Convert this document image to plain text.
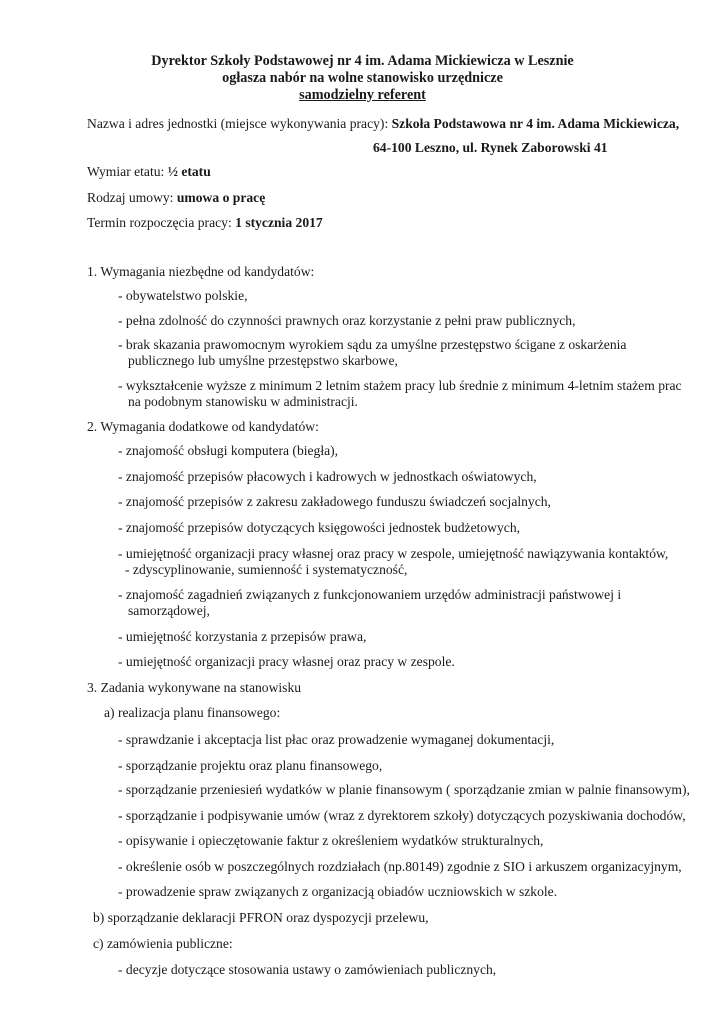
Dyrektor Szkoły Podstawowej nr 4 im. Adama Mickiewicza w Lesznie
ogłasza nabór na wolne stanowisko urzędnicze
samodzielny referent
Nazwa i adres jednostki (miejsce wykonywania pracy): Szkoła Podstawowa nr 4 im. Adama Mickiewicza,
64-100 Leszno, ul. Rynek Zaborowski 41
Wymiar etatu: ½ etatu
Rodzaj umowy: umowa o pracę
Termin rozpoczęcia pracy: 1 stycznia 2017
1. Wymagania niezbędne od kandydatów:
- obywatelstwo polskie,
- pełna zdolność do czynności prawnych oraz korzystanie z pełni praw publicznych,
- brak skazania prawomocnym wyrokiem sądu za umyślne przestępstwo ścigane z oskarżenia
publicznego lub umyślne przestępstwo skarbowe,
- wykształcenie wyższe z minimum 2 letnim stażem pracy lub średnie z minimum 4-letnim stażem prac
na podobnym stanowisku w administracji.
2. Wymagania dodatkowe od kandydatów:
- znajomość obsługi komputera (biegła),
- znajomość przepisów płacowych i kadrowych w jednostkach oświatowych,
- znajomość przepisów z zakresu zakładowego funduszu świadczeń socjalnych,
- znajomość przepisów dotyczących księgowości jednostek budżetowych,
- umiejętność organizacji pracy własnej oraz pracy w zespole, umiejętność nawiązywania kontaktów,
- zdyscyplinowanie, sumienność i systematyczność,
- znajomość zagadnień związanych z funkcjonowaniem urzędów administracji państwowej i
samorządowej,
- umiejętność korzystania z przepisów prawa,
- umiejętność organizacji pracy własnej oraz pracy w zespole.
3. Zadania wykonywane na stanowisku
a) realizacja planu finansowego:
- sprawdzanie i akceptacja list płac oraz prowadzenie wymaganej dokumentacji,
- sporządzanie projektu oraz planu finansowego,
- sporządzanie przeniesień wydatków w planie finansowym ( sporządzanie zmian w palnie finansowym),
- sporządzanie i podpisywanie umów (wraz z dyrektorem szkoły) dotyczących pozyskiwania dochodów,
- opisywanie i opieczętowanie faktur z określeniem wydatków strukturalnych,
- określenie osób w poszczególnych rozdziałach (np.80149) zgodnie z SIO i arkuszem organizacyjnym,
- prowadzenie spraw związanych z organizacją obiadów uczniowskich w szkole.
b) sporządzanie deklaracji PFRON oraz dyspozycji przelewu,
c) zamówienia publiczne:
- decyzje dotyczące stosowania ustawy o zamówieniach publicznych,
